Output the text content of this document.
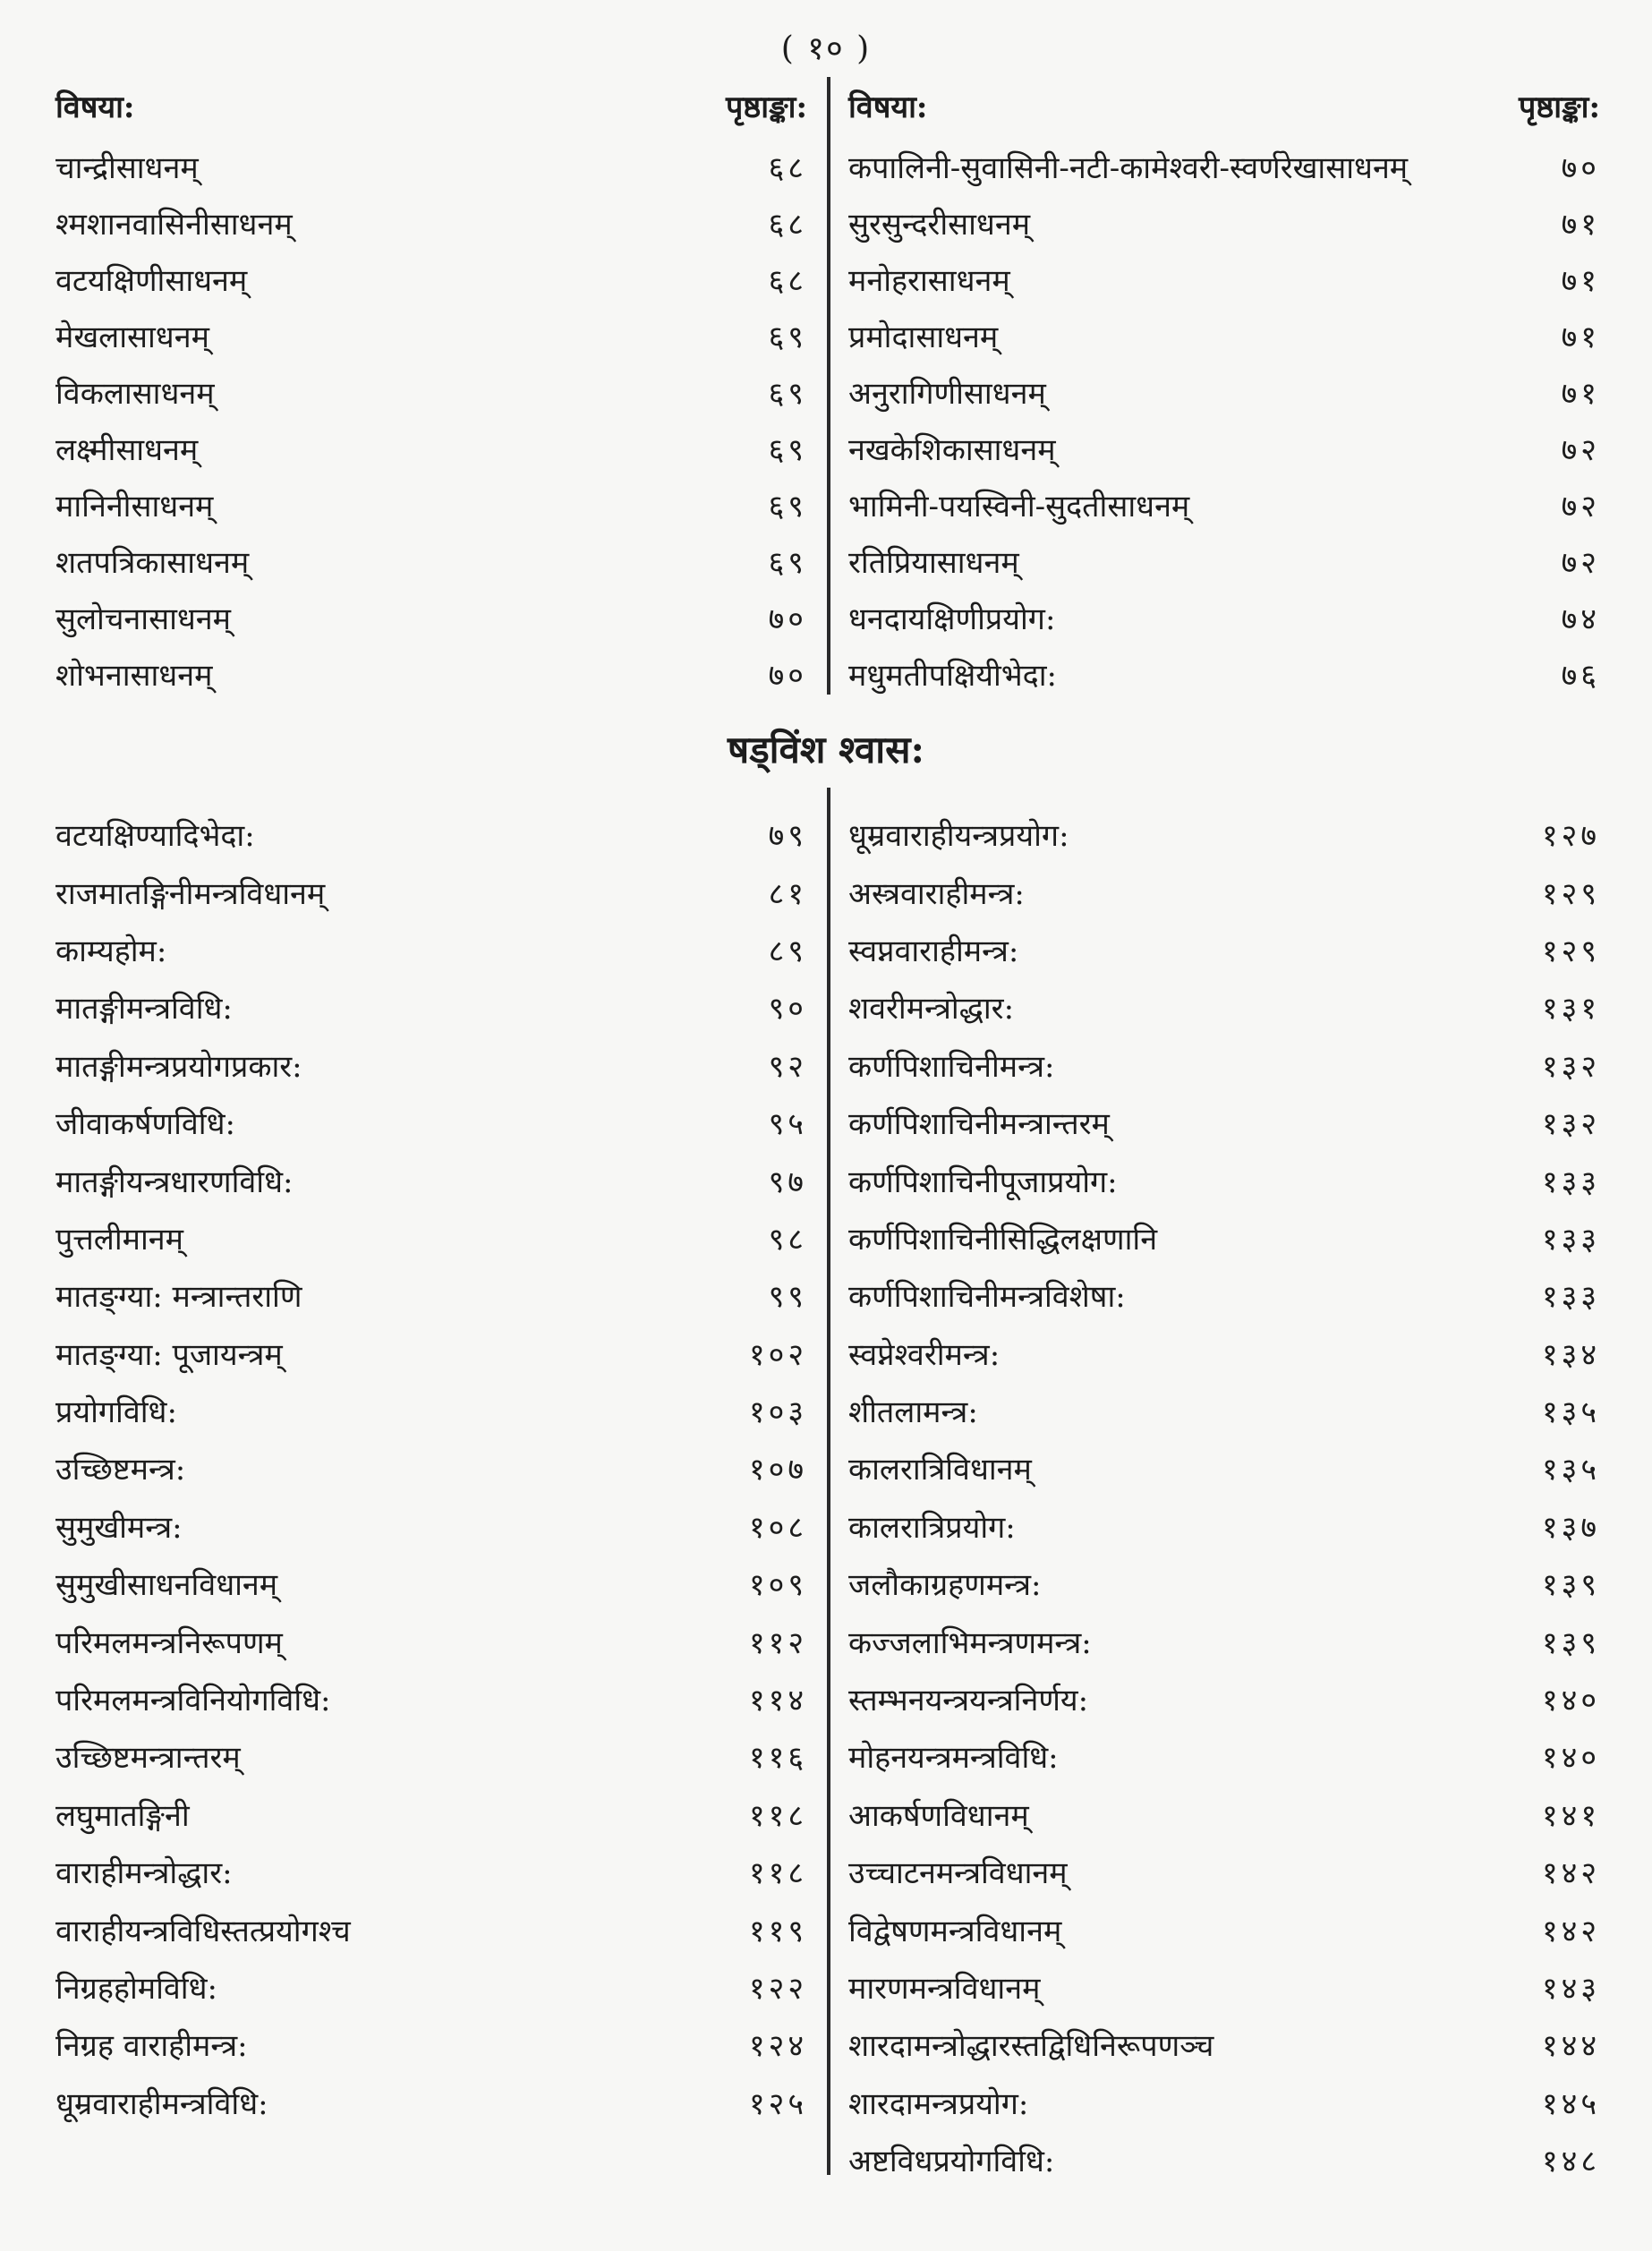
( १० )
विषया:	पृष्ठाङ्का:
चान्द्रीसाधनम्	६८
श्मशानवासिनीसाधनम्	६८
वटयक्षिणीसाधनम्	६८
मेखलासाधनम्	६९
विकलासाधनम्	६९
लक्ष्मीसाधनम्	६९
मानिनीसाधनम्	६९
शतपत्रिकासाधनम्	६९
सुलोचनासाधनम्	७०
शोभनासाधनम्	७०
विषया:	पृष्ठाङ्का:
कपालिनी-सुवासिनी-नटी-कामेश्वरी-स्वर्णरेखासाधनम्	७०
सुरसुन्दरीसाधनम्	७१
मनोहरासाधनम्	७१
प्रमोदासाधनम्	७१
अनुरागिणीसाधनम्	७१
नखकेशिकासाधनम्	७२
भामिनी-पयस्विनी-सुदतीसाधनम्	७२
रतिप्रियासाधनम्	७२
धनदायक्षिणीप्रयोग:	७४
मधुमतीपक्षियीभेदा:	७६
षड्विंश श्वास:
वटयक्षिण्यादिभेदा:	७९
राजमातङ्गिनीमन्त्रविधानम्	८१
काम्यहोम:	८९
मातङ्गीमन्त्रविधि:	९०
मातङ्गीमन्त्रप्रयोगप्रकार:	९२
जीवाकर्षणविधि:	९५
मातङ्गीयन्त्रधारणविधि:	९७
पुत्तलीमानम्	९८
मातङ्ग्या: मन्त्रान्तराणि	९९
मातङ्ग्या: पूजायन्त्रम्	१०२
प्रयोगविधि:	१०३
उच्छिष्टमन्त्र:	१०७
सुमुखीमन्त्र:	१०८
सुमुखीसाधनविधानम्	१०९
परिमलमन्त्रनिरूपणम्	११२
परिमलमन्त्रविनियोगविधि:	११४
उच्छिष्टमन्त्रान्तरम्	११६
लघुमातङ्गिनी	११८
वाराहीमन्त्रोद्धार:	११८
वाराहीयन्त्रविधिस्तत्प्रयोगश्च	११९
निग्रहहोमविधि:	१२२
निग्रह वाराहीमन्त्र:	१२४
धूम्रवाराहीमन्त्रविधि:	१२५
धूम्रवाराहीयन्त्रप्रयोग:	१२७
अस्त्रवाराहीमन्त्र:	१२९
स्वप्नवाराहीमन्त्र:	१२९
शवरीमन्त्रोद्धार:	१३१
कर्णपिशाचिनीमन्त्र:	१३२
कर्णपिशाचिनीमन्त्रान्तरम्	१३२
कर्णपिशाचिनीपूजाप्रयोग:	१३३
कर्णपिशाचिनीसिद्धिलक्षणानि	१३३
कर्णपिशाचिनीमन्त्रविशेषा:	१३३
स्वप्नेश्वरीमन्त्र:	१३४
शीतलामन्त्र:	१३५
कालरात्रिविधानम्	१३५
कालरात्रिप्रयोग:	१३७
जलौकाग्रहणमन्त्र:	१३९
कज्जलाभिमन्त्रणमन्त्र:	१३९
स्तम्भनयन्त्रयन्त्रनिर्णय:	१४०
मोहनयन्त्रमन्त्रविधि:	१४०
आकर्षणविधानम्	१४१
उच्चाटनमन्त्रविधानम्	१४२
विद्वेषणमन्त्रविधानम्	१४२
मारणमन्त्रविधानम्	१४३
शारदामन्त्रोद्धारस्तद्विधिनिरूपणञ्च	१४४
शारदामन्त्रप्रयोग:	१४५
अष्टविधप्रयोगविधि:	१४८
